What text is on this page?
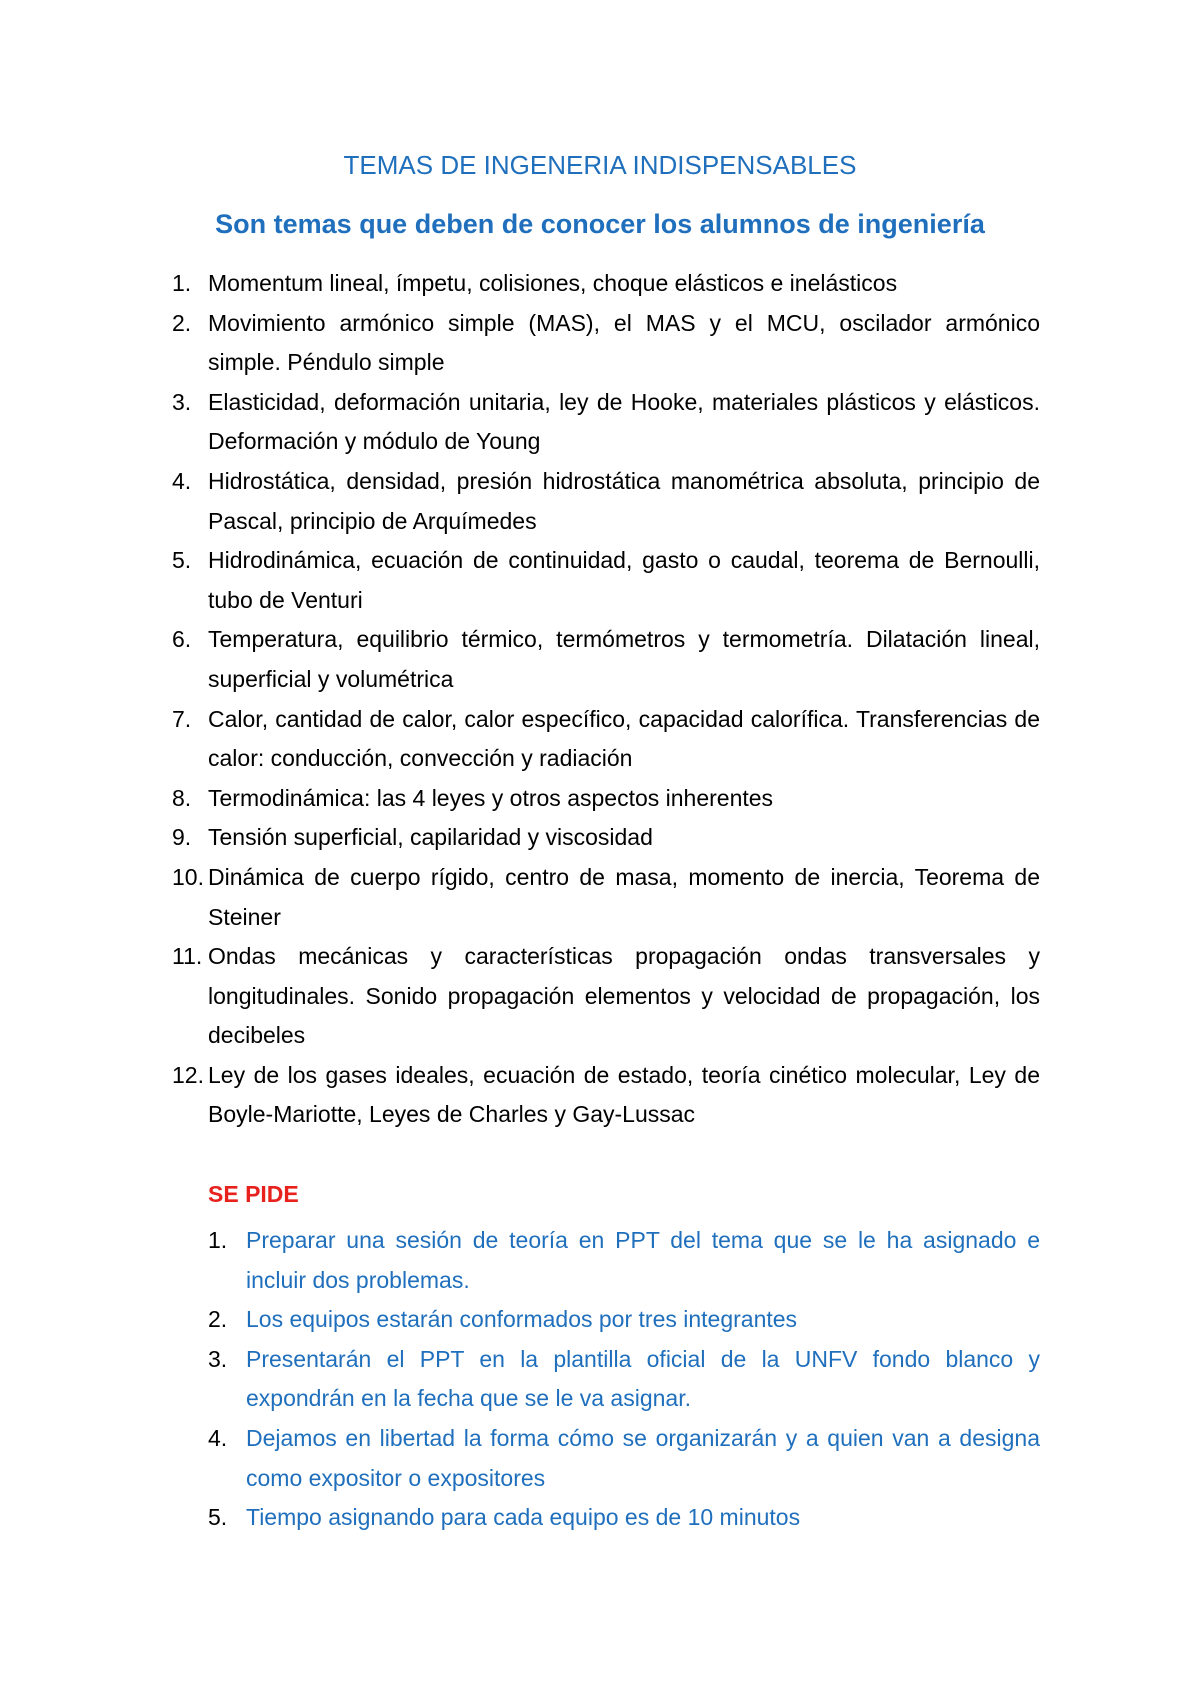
TEMAS DE INGENERIA INDISPENSABLES
Son temas que deben de conocer los alumnos de ingeniería
1. Momentum lineal, ímpetu, colisiones, choque elásticos e inelásticos
2. Movimiento armónico simple (MAS), el MAS y el MCU, oscilador armónico simple. Péndulo simple
3. Elasticidad, deformación unitaria, ley de Hooke, materiales plásticos y elásticos. Deformación y módulo de Young
4. Hidrostática, densidad, presión hidrostática manométrica absoluta, principio de Pascal, principio de Arquímedes
5. Hidrodinámica, ecuación de continuidad, gasto o caudal, teorema de Bernoulli, tubo de Venturi
6. Temperatura, equilibrio térmico, termómetros y termometría. Dilatación lineal, superficial y volumétrica
7. Calor, cantidad de calor, calor específico, capacidad calorífica. Transferencias de calor: conducción, convección y radiación
8. Termodinámica: las 4 leyes y otros aspectos inherentes
9. Tensión superficial, capilaridad y viscosidad
10. Dinámica de cuerpo rígido, centro de masa, momento de inercia, Teorema de Steiner
11. Ondas mecánicas y características propagación ondas transversales y longitudinales. Sonido propagación elementos y velocidad de propagación, los decibeles
12. Ley de los gases ideales, ecuación de estado, teoría cinético molecular, Ley de Boyle-Mariotte, Leyes de Charles y Gay-Lussac
SE PIDE
1. Preparar una sesión de teoría en PPT del tema que se le ha asignado e incluir dos problemas.
2. Los equipos estarán conformados por tres integrantes
3. Presentarán el PPT en la plantilla oficial de la UNFV fondo blanco y expondrán en la fecha que se le va asignar.
4. Dejamos en libertad la forma cómo se organizarán y a quien van a designa como expositor o expositores
5. Tiempo asignando para cada equipo es de 10 minutos
